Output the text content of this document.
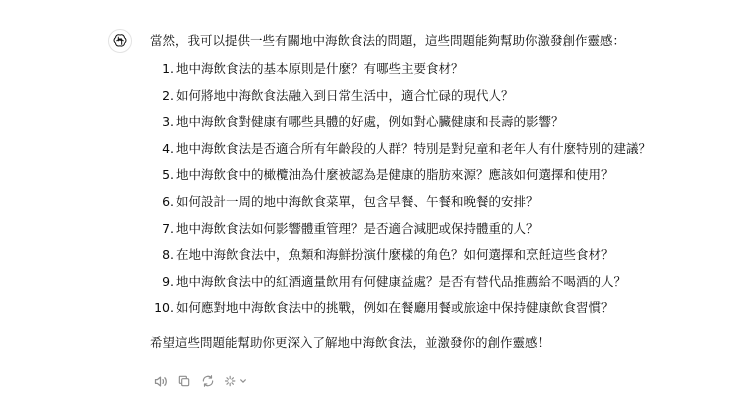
當然，我可以提供一些有關地中海飲食法的問題，這些問題能夠幫助你激發創作靈感：

1. 地中海飲食法的基本原則是什麼？有哪些主要食材？
2. 如何將地中海飲食法融入到日常生活中，適合忙碌的現代人？
3. 地中海飲食對健康有哪些具體的好處，例如對心臟健康和長壽的影響？
4. 地中海飲食法是否適合所有年齡段的人群？特別是對兒童和老年人有什麼特別的建議？
5. 地中海飲食中的橄欖油為什麼被認為是健康的脂肪來源？應該如何選擇和使用？
6. 如何設計一周的地中海飲食菜單，包含早餐、午餐和晚餐的安排？
7. 地中海飲食法如何影響體重管理？是否適合減肥或保持體重的人？
8. 在地中海飲食法中，魚類和海鮮扮演什麼樣的角色？如何選擇和烹飪這些食材？
9. 地中海飲食法中的紅酒適量飲用有何健康益處？是否有替代品推薦給不喝酒的人？
10. 如何應對地中海飲食法中的挑戰，例如在餐廳用餐或旅途中保持健康飲食習慣？

希望這些問題能幫助你更深入了解地中海飲食法，並激發你的創作靈感！
